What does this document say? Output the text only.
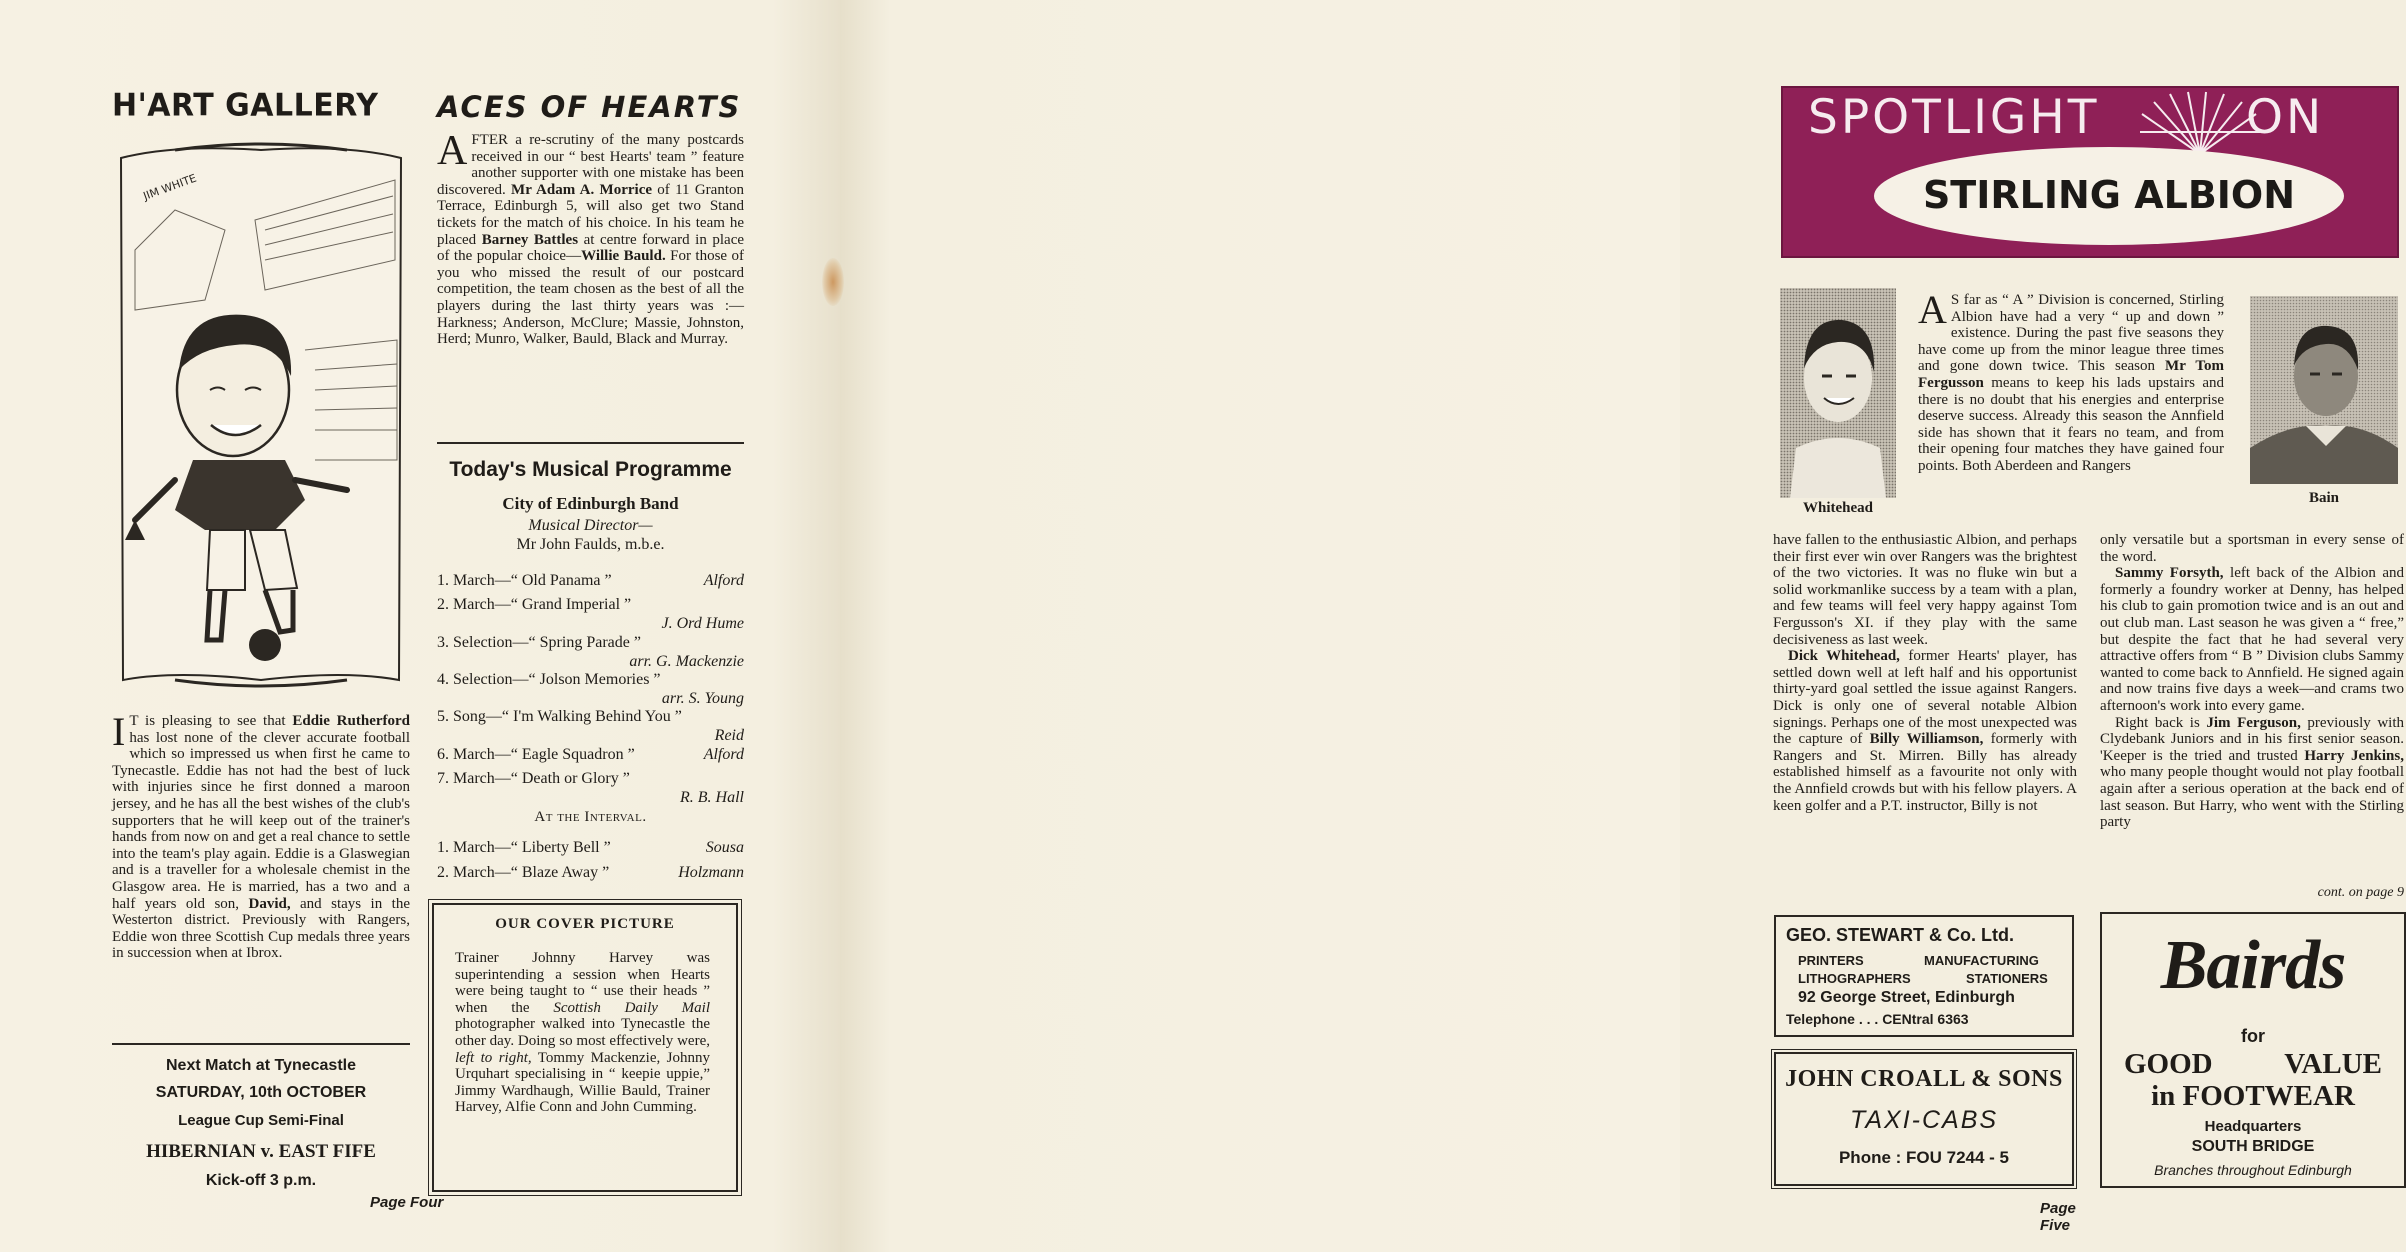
H'ART GALLERY
JIM WHITE
I T is pleasing to see that Eddie Rutherford has lost none of the clever accurate football which so impressed us when first he came to Tynecastle. Eddie has not had the best of luck with injuries since he first donned a maroon jersey, and he has all the best wishes of the club's supporters that he will keep out of the trainer's hands from now on and get a real chance to settle into the team's play again. Eddie is a Glaswegian and is a traveller for a wholesale chemist in the Glasgow area. He is married, has a two and a half years old son, David, and stays in the Westerton district. Previously with Rangers, Eddie won three Scottish Cup medals three years in succession when at Ibrox.
Next Match at Tynecastle
SATURDAY, 10th OCTOBER
League Cup Semi-Final
HIBERNIAN v. EAST FIFE
Kick-off 3 p.m.
Page Four
ACES OF HEARTS
A FTER a re-scrutiny of the many postcards received in our “ best Hearts' team ” feature another supporter with one mistake has been discovered. Mr Adam A. Morrice of 11 Granton Terrace, Edinburgh 5, will also get two Stand tickets for the match of his choice. In his team he placed Barney Battles at centre forward in place of the popular choice—Willie Bauld. For those of you who missed the result of our postcard competition, the team chosen as the best of all the players during the last thirty years was :—Harkness; Anderson, McClure; Massie, Johnston, Herd; Munro, Walker, Bauld, Black and Murray.
Today's Musical Programme
City of Edinburgh Band
Musical Director—
Mr John Faulds, m.b.e.
1. March—“ Old Panama ”	Alford
2. March—“ Grand Imperial ”
J. Ord Hume
3. Selection—“ Spring Parade ”
arr. G. Mackenzie
4. Selection—“ Jolson Memories ”
arr. S. Young
5. Song—“ I'm Walking Behind You ”
Reid
6. March—“ Eagle Squadron ”	Alford
7. March—“ Death or Glory ”
R. B. Hall
At the Interval.
1. March—“ Liberty Bell ”	Sousa
2. March—“ Blaze Away ”	Holzmann
OUR COVER PICTURE
Trainer Johnny Harvey was superintending a session when Hearts were being taught to “ use their heads ” when the Scottish Daily Mail photographer walked into Tynecastle the other day. Doing so most effectively were, left to right, Tommy Mackenzie, Johnny Urquhart specialising in “ keepie uppie,” Jimmy Wardhaugh, Willie Bauld, Trainer Harvey, Alfie Conn and John Cumming.
SPOTLIGHT	ON
STIRLING ALBION
Whitehead
Bain
A S far as “ A ” Division is concerned, Stirling Albion have had a very “ up and down ” existence. During the past five seasons they have come up from the minor league three times and gone down twice. This season Mr Tom Fergusson means to keep his lads upstairs and there is no doubt that his energies and enterprise deserve success. Already this season the Annfield side has shown that it fears no team, and from their opening four matches they have gained four points. Both Aberdeen and Rangers
have fallen to the enthusiastic Albion, and perhaps their first ever win over Rangers was the brightest of the two victories. It was no fluke win but a solid workmanlike success by a team with a plan, and few teams will feel very happy against Tom Fergusson's XI. if they play with the same decisiveness as last week.
 Dick Whitehead, former Hearts' player, has settled down well at left half and his opportunist thirty-yard goal settled the issue against Rangers. Dick is only one of several notable Albion signings. Perhaps one of the most unexpected was the capture of Billy Williamson, formerly with Rangers and St. Mirren. Billy has already established himself as a favourite not only with the Annfield crowds but with his fellow players. A keen golfer and a P.T. instructor, Billy is not
only versatile but a sportsman in every sense of the word.
 Sammy Forsyth, left back of the Albion and formerly a foundry worker at Denny, has helped his club to gain promotion twice and is an out and out club man. Last season he was given a “ free,” but despite the fact that he had several very attractive offers from “ B ” Division clubs Sammy wanted to come back to Annfield. He signed again and now trains five days a week—and crams two afternoon's work into every game.
 Right back is Jim Ferguson, previously with Clydebank Juniors and in his first senior season. 'Keeper is the tried and trusted Harry Jenkins, who many people thought would not play football again after a serious operation at the back end of last season. But Harry, who went with the Stirling party
cont. on page 9
GEO. STEWART & Co. Ltd.
PRINTERS	MANUFACTURING
LITHOGRAPHERS	STATIONERS
92 George Street, Edinburgh
Telephone . . . CENtral 6363
JOHN CROALL & SONS
TAXI-CABS
Phone : FOU 7244 - 5
Bairds
for
GOOD VALUE
in FOOTWEAR
Headquarters
SOUTH BRIDGE
Branches throughout Edinburgh
Page Five
